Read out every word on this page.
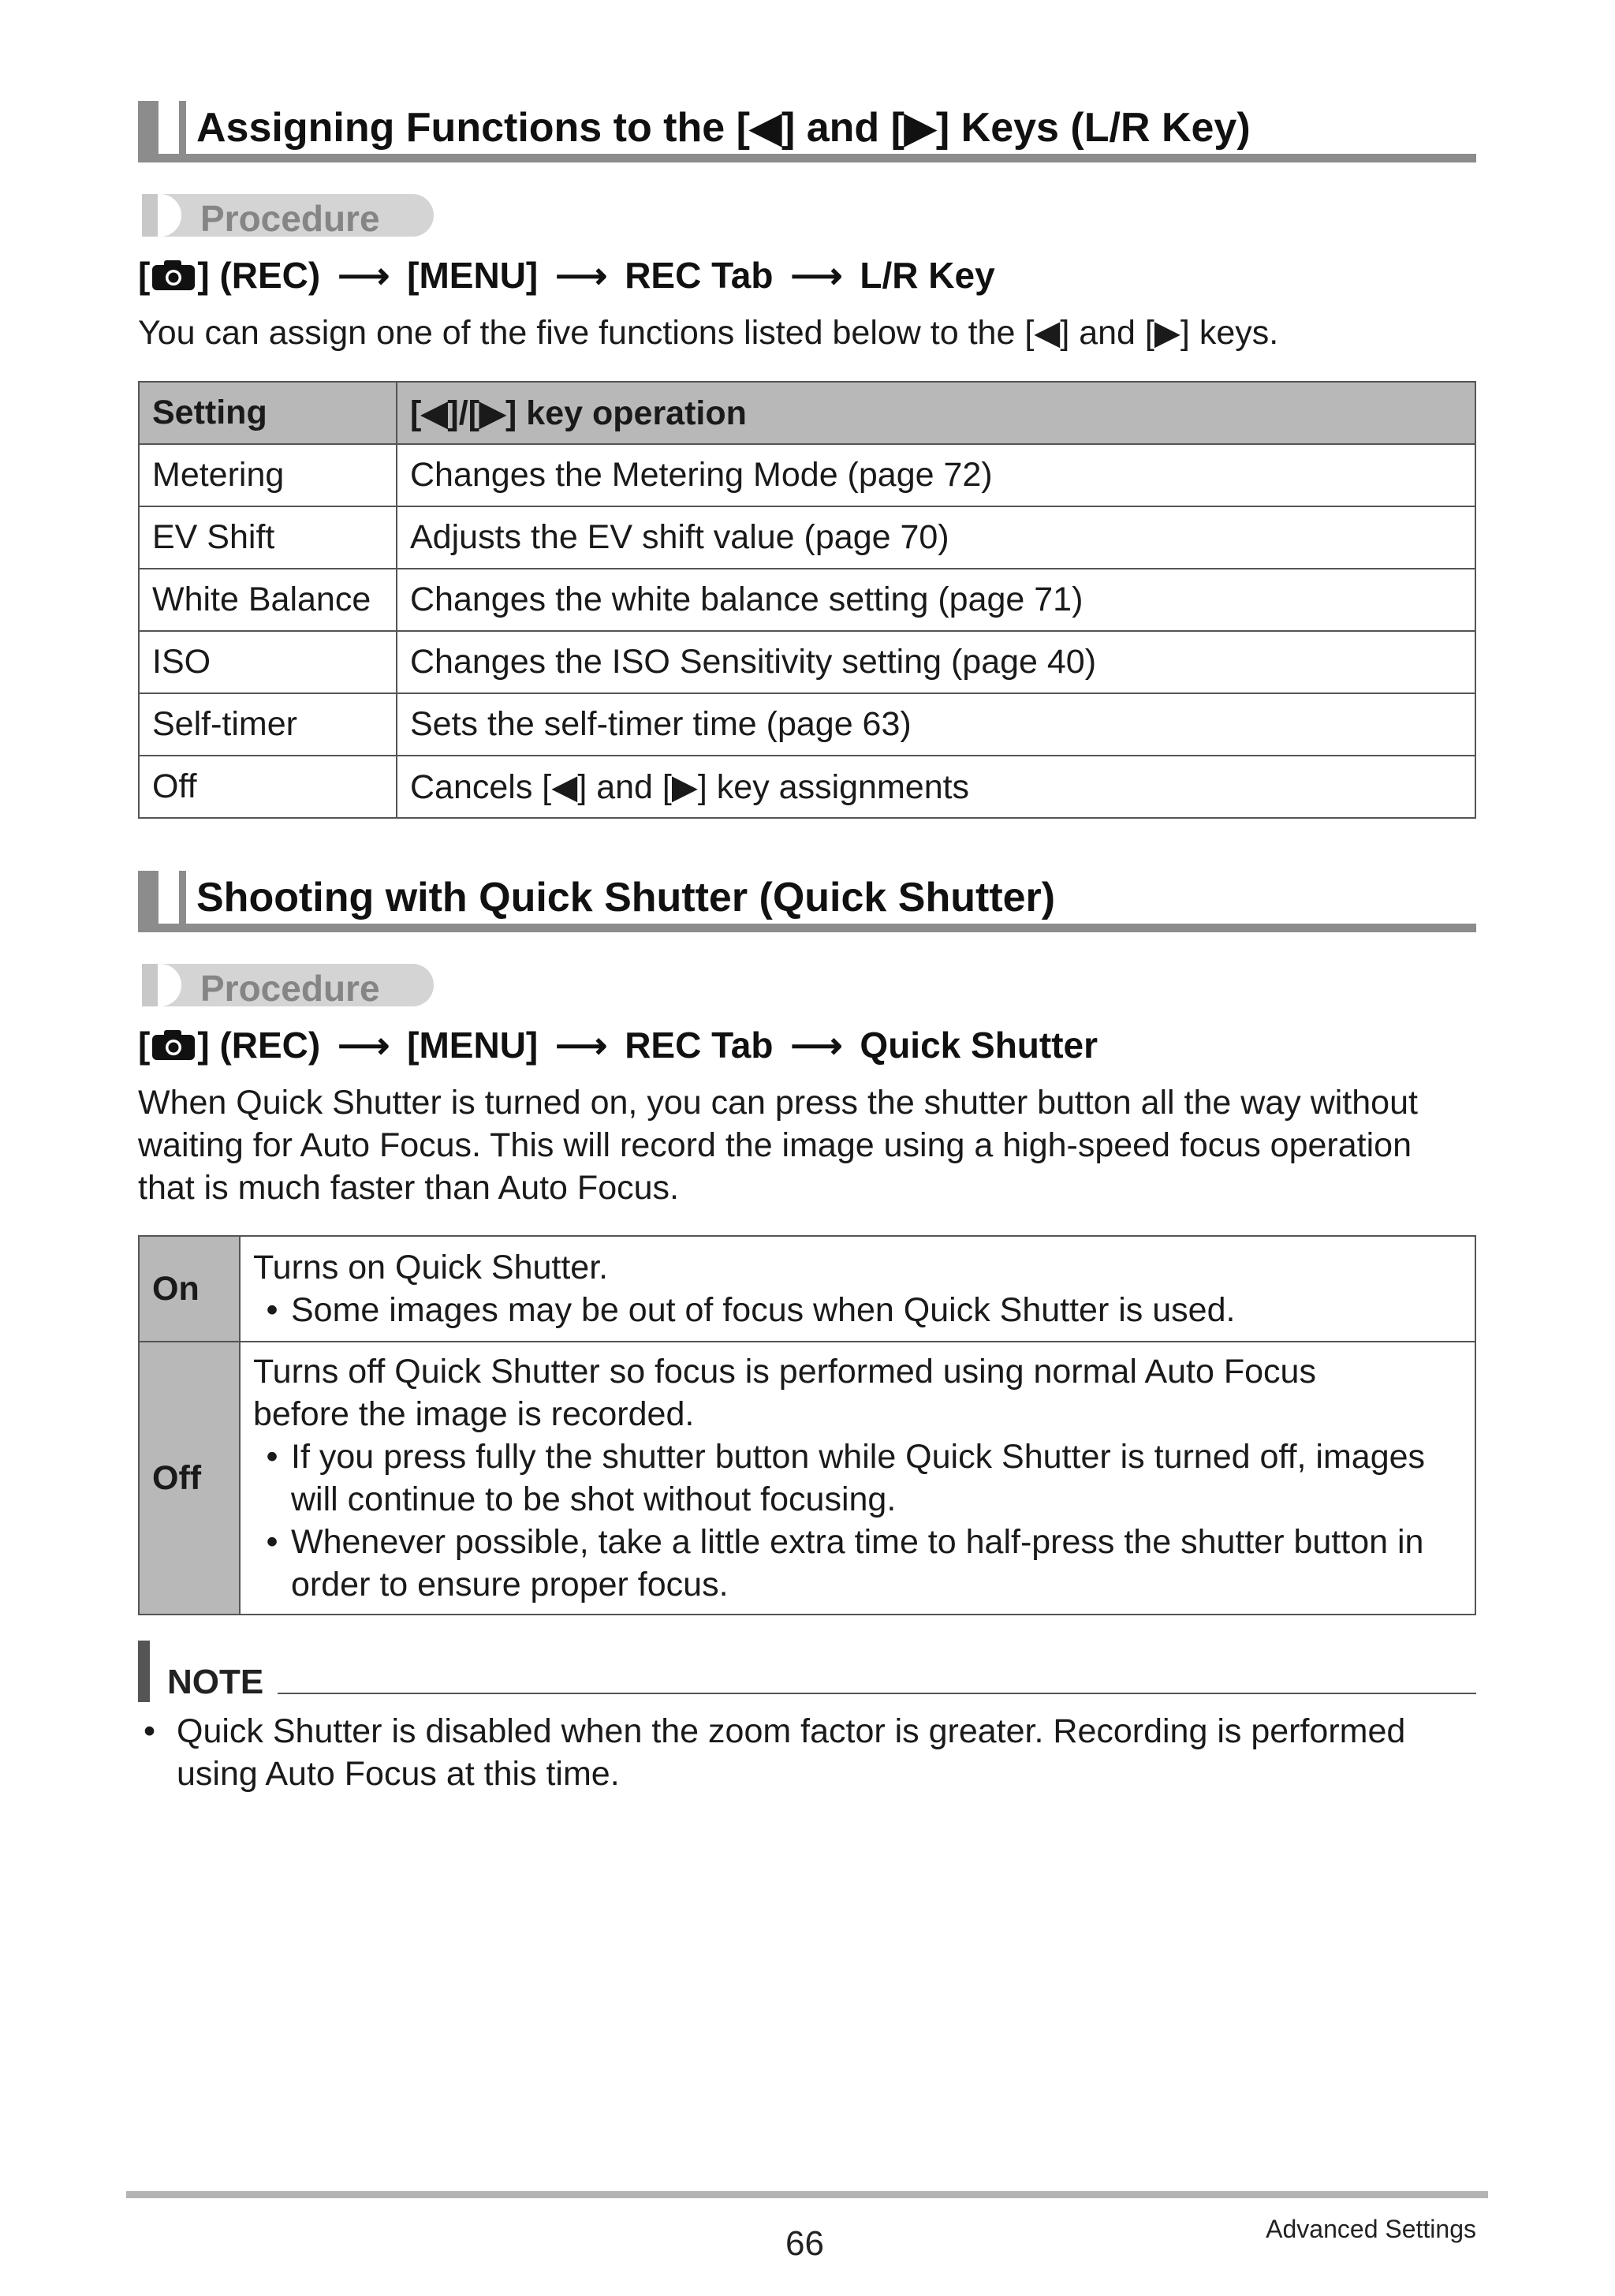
Assigning Functions to the [◀] and [▶] Keys (L/R Key)
Procedure
[ ] (REC) ⟶ [MENU] ⟶ REC Tab ⟶ L/R Key
You can assign one of the five functions listed below to the [◀] and [▶] keys.
Setting	[◀]/[▶] key operation
Metering	Changes the Metering Mode (page 72)
EV Shift	Adjusts the EV shift value (page 70)
White Balance	Changes the white balance setting (page 71)
ISO	Changes the ISO Sensitivity setting (page 40)
Self-timer	Sets the self-timer time (page 63)
Off	Cancels [◀] and [▶] key assignments
Shooting with Quick Shutter (Quick Shutter)
Procedure
[ ] (REC) ⟶ [MENU] ⟶ REC Tab ⟶ Quick Shutter
When Quick Shutter is turned on, you can press the shutter button all the way without
waiting for Auto Focus. This will record the image using a high-speed focus operation
that is much faster than Auto Focus.
On	Turns on Quick Shutter.
• Some images may be out of focus when Quick Shutter is used.

Off	Turns off Quick Shutter so focus is performed using normal Auto Focus
before the image is recorded.
• If you press fully the shutter button while Quick Shutter is turned off, images will continue to be shot without focusing.
• Whenever possible, take a little extra time to half-press the shutter button in order to ensure proper focus.
NOTE
• Quick Shutter is disabled when the zoom factor is greater. Recording is performed using Auto Focus at this time.
66	Advanced Settings
